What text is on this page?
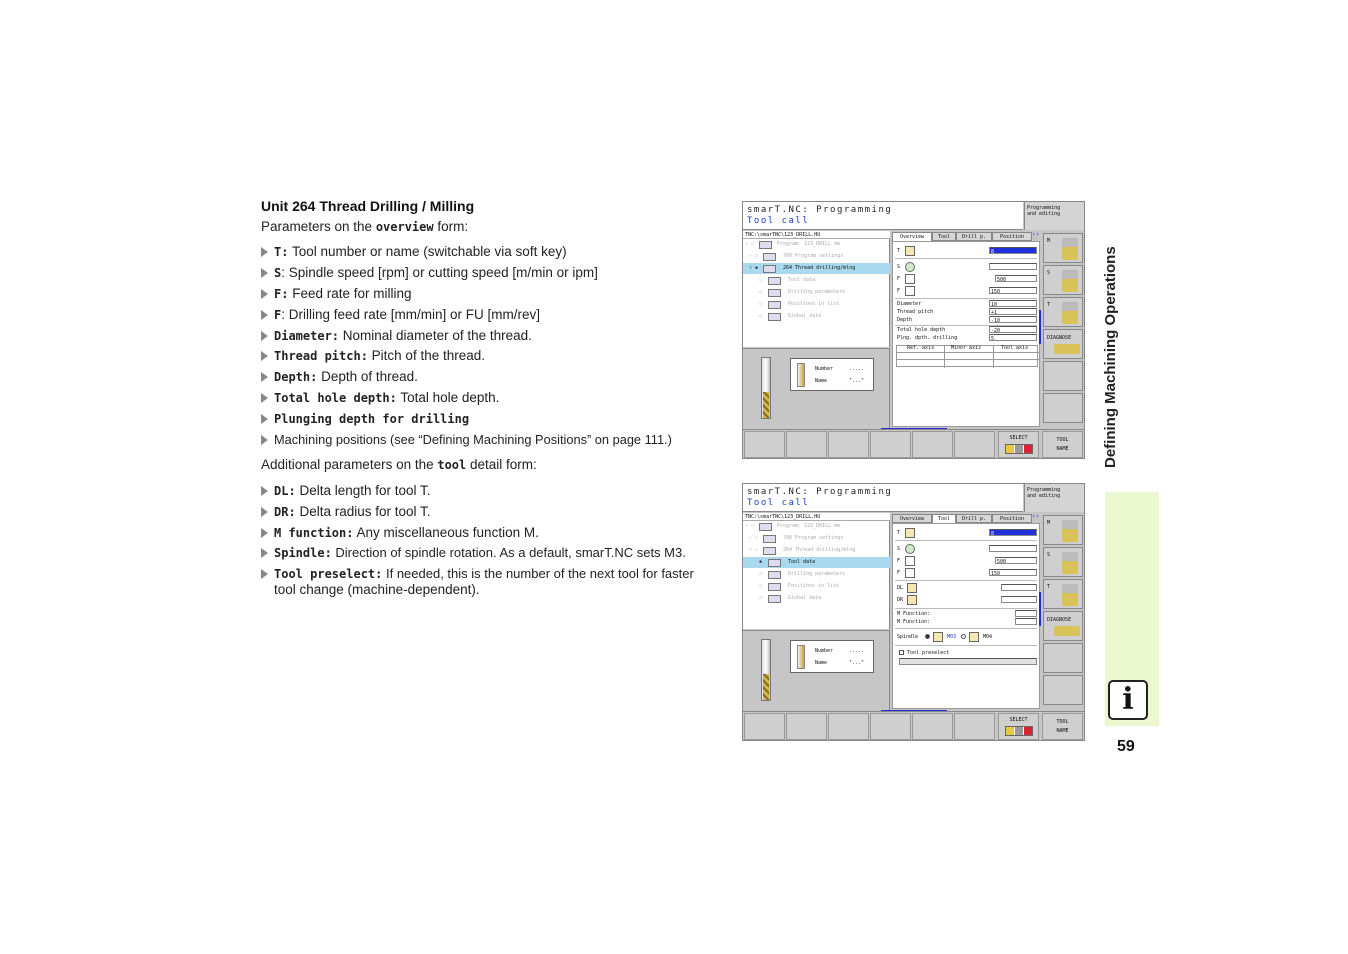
Unit 264 Thread Drilling / Milling
Parameters on the overview form:
T: Tool number or name (switchable via soft key)
S: Spindle speed [rpm] or cutting speed [m/min or ipm]
F: Feed rate for milling
F: Drilling feed rate [mm/min] or FU [mm/rev]
Diameter: Nominal diameter of the thread.
Thread pitch: Pitch of the thread.
Depth: Depth of thread.
Total hole depth: Total hole depth.
Plunging depth for drilling
Machining positions (see “Defining Machining Positions” on page 111.)
Additional parameters on the tool detail form:
DL: Delta length for tool T.
DR: Delta radius for tool T.
M function: Any miscellaneous function M.
Spindle: Direction of spindle rotation. As a default, smarT.NC sets M3.
Tool preselect: If needed, this is the number of the next tool for faster
tool change (machine-dependent).
Defining Machining Operations
i
59
smarT.NC: Programming
Tool call
Programming
and editing
TNC:\smarTNC\123_DRILL.HU
▿ ▫	Program: 123_DRILL mm
▹ ▫	700 Program settings
▿ ▪	264 Thread drilling/mlng
▫	Tool data
▫	Drilling parameters
▫	Positions in list
▫	Global data
Number	.....
Name	"..."
Overview	Tool	Drill p.	Position	‹›
T	8
S
F	500
F	150
Diameter	10
Thread pitch	+1
Depth	-10
Total hole depth	-20
Plng. dpth. drilling	5
Ref. axis	Minor axis	Tool axis
M
S
T
DIAGNOSE
SELECT	TOOL
NAME
smarT.NC: Programming
Tool call
Programming
and editing
TNC:\smarTNC\123_DRILL.HU
▿ ▫	Program: 123_DRILL mm
▹ ▫	700 Program settings
▿ ▫	264 Thread drilling/mlng
▪	Tool data
▫	Drilling parameters
▫	Positions in list
▫	Global data
Number	.....
Name	"..."
Overview	Tool	Drill p.	Position	‹›
T	8
S
F	500
F	150
DL
DR
M Function:
M Function:
Spindle	M03	M04
Tool preselect
M
S
T
DIAGNOSE
SELECT	TOOL
NAME
